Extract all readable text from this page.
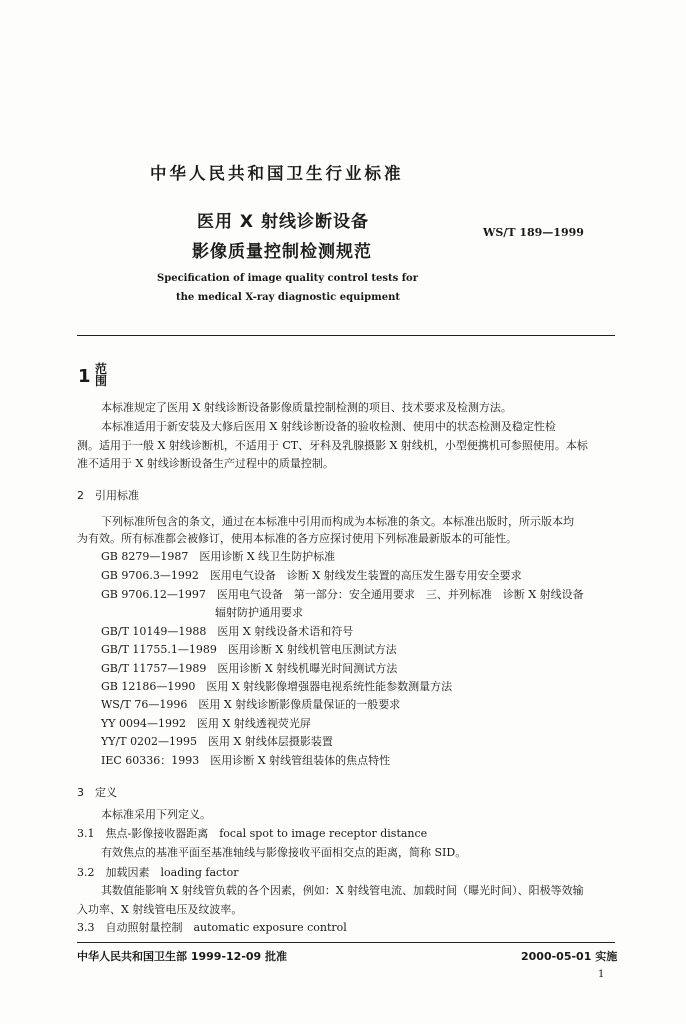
中华人民共和国卫生行业标准
医用 X 射线诊断设备
影像质量控制检测规范
WS/T 189—1999
Specification of image quality control tests for
the medical X-ray diagnostic equipment
1 范围
本标准规定了医用 X 射线诊断设备影像质量控制检测的项目、技术要求及检测方法。
本标准适用于新安装及大修后医用 X 射线诊断设备的验收检测、使用中的状态检测及稳定性检
测。适用于一般 X 射线诊断机，不适用于 CT、牙科及乳腺摄影 X 射线机，小型便携机可参照使用。本标
准不适用于 X 射线诊断设备生产过程中的质量控制。
2　引用标准
下列标准所包含的条文，通过在本标准中引用而构成为本标准的条文。本标准出版时，所示版本均
为有效。所有标准都会被修订，使用本标准的各方应探讨使用下列标准最新版本的可能性。
GB 8279—1987　医用诊断 X 线卫生防护标准
GB 9706.3—1992　医用电气设备　诊断 X 射线发生装置的高压发生器专用安全要求
GB 9706.12—1997　医用电气设备　第一部分：安全通用要求　三、并列标准　诊断 X 射线设备
辐射防护通用要求
GB/T 10149—1988　医用 X 射线设备术语和符号
GB/T 11755.1—1989　医用诊断 X 射线机管电压测试方法
GB/T 11757—1989　医用诊断 X 射线机曝光时间测试方法
GB 12186—1990　医用 X 射线影像增强器电视系统性能参数测量方法
WS/T 76—1996　医用 X 射线诊断影像质量保证的一般要求
YY 0094—1992　医用 X 射线透视荧光屏
YY/T 0202—1995　医用 X 射线体层摄影装置
IEC 60336：1993　医用诊断 X 射线管组装体的焦点特性
3　定义
本标准采用下列定义。
3.1　焦点-影像接收器距离　focal spot to image receptor distance
有效焦点的基准平面至基准轴线与影像接收平面相交点的距离，简称 SID。
3.2　加载因素　loading factor
其数值能影响 X 射线管负载的各个因素，例如：X 射线管电流、加载时间（曝光时间）、阳极等效输
入功率、X 射线管电压及纹波率。
3.3　自动照射量控制　automatic exposure control
中华人民共和国卫生部 1999-12-09 批准	2000-05-01 实施
1
